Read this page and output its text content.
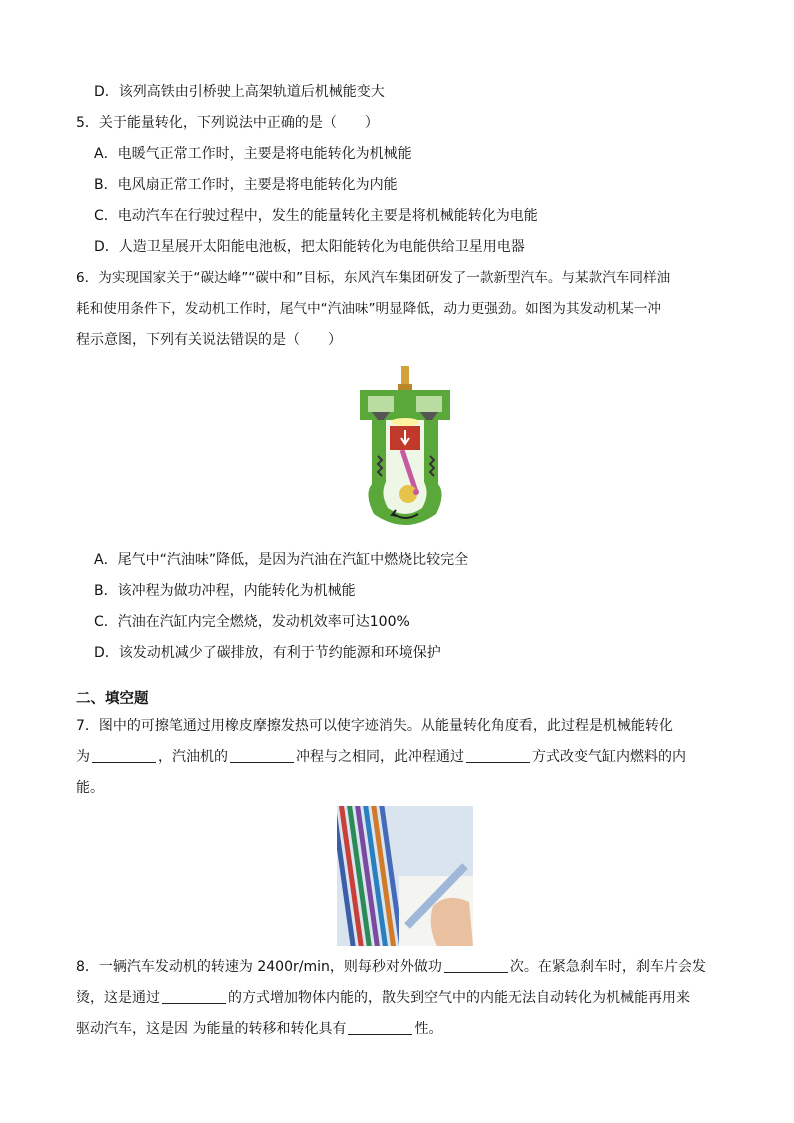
D．该列高铁由引桥驶上高架轨道后机械能变大
5．关于能量转化，下列说法中正确的是（　　）
A．电暖气正常工作时，主要是将电能转化为机械能
B．电风扇正常工作时，主要是将电能转化为内能
C．电动汽车在行驶过程中，发生的能量转化主要是将机械能转化为电能
D．人造卫星展开太阳能电池板，把太阳能转化为电能供给卫星用电器
6．为实现国家关于“碳达峰”“碳中和”目标，东风汽车集团研发了一款新型汽车。与某款汽车同样油
耗和使用条件下，发动机工作时，尾气中“汽油味”明显降低，动力更强劲。如图为其发动机某一冲
程示意图，下列有关说法错误的是（　　）
A．尾气中“汽油味”降低，是因为汽油在汽缸中燃烧比较完全
B．该冲程为做功冲程，内能转化为机械能
C．汽油在汽缸内完全燃烧，发动机效率可达100%
D．该发动机减少了碳排放，有利于节约能源和环境保护
二、填空题
7．图中的可擦笔通过用橡皮摩擦发热可以使字迹消失。从能量转化角度看，此过程是机械能转化
为	，汽油机的	冲程与之相同，此冲程通过	方式改变气缸内燃料的内
能。
8．一辆汽车发动机的转速为 2400r/min，则每秒对外做功	次。在紧急刹车时，刹车片会发
烫，这是通过	的方式增加物体内能的，散失到空气中的内能无法自动转化为机械能再用来
驱动汽车，这是因 为能量的转移和转化具有	性。
